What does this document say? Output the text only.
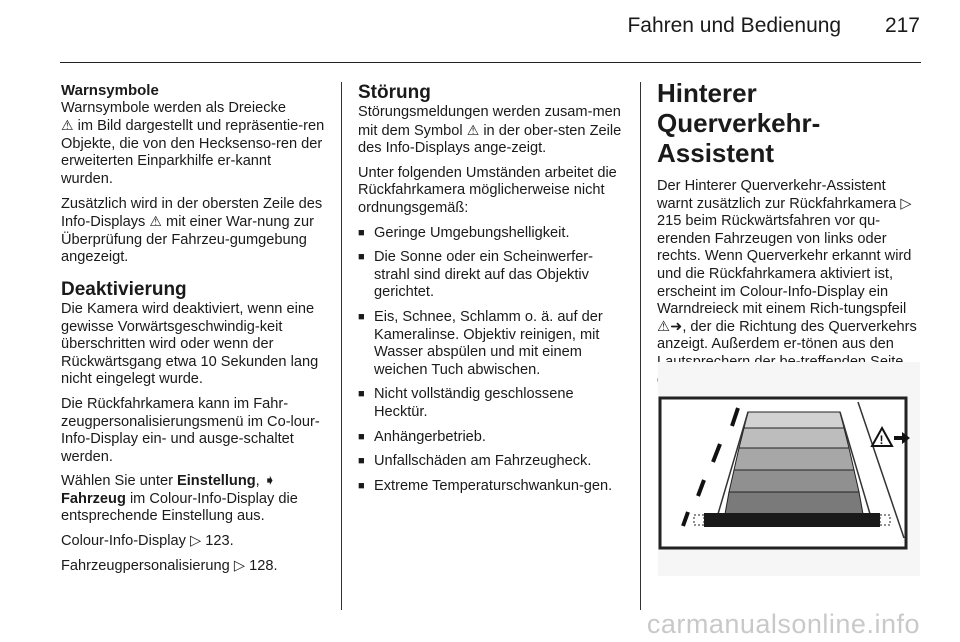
Fahren und Bedienung 217
Warnsymbole

Warnsymbole werden als Dreiecke
⚠ im Bild dargestellt und repräsentie-ren Objekte, die von den Hecksenso-ren der erweiterten Einparkhilfe er-kannt wurden.

Zusätzlich wird in der obersten Zeile des Info-Displays ⚠ mit einer War-nung zur Überprüfung der Fahrzeu-gumgebung angezeigt.

Deaktivierung

Die Kamera wird deaktiviert, wenn eine gewisse Vorwärtsgeschwindig-keit überschritten wird oder wenn der Rückwärtsgang etwa 10 Sekunden lang nicht eingelegt wurde.

Die Rückfahrkamera kann im Fahr-zeugpersonalisierungsmenü im Co-lour-Info-Display ein- und ausge-schaltet werden.

Wählen Sie unter Einstellung, ➧ Fahrzeug im Colour-Info-Display die entsprechende Einstellung aus.

Colour-Info-Display ▷ 123.

Fahrzeugpersonalisierung ▷ 128.

Störung

Störungsmeldungen werden zusam-men mit dem Symbol ⚠ in der ober-sten Zeile des Info-Displays ange-zeigt.

Unter folgenden Umständen arbeitet die Rückfahrkamera möglicherweise nicht ordnungsgemäß:

■ Geringe Umgebungshelligkeit.
■ Die Sonne oder ein Scheinwerfer-strahl sind direkt auf das Objektiv gerichtet.
■ Eis, Schnee, Schlamm o. ä. auf der Kameralinse. Objektiv reinigen, mit Wasser abspülen und mit einem weichen Tuch abwischen.
■ Nicht vollständig geschlossene Hecktür.
■ Anhängerbetrieb.
■ Unfallschäden am Fahrzeugheck.
■ Extreme Temperaturschwankun-gen.
Hinterer Querverkehr-Assistent

Der Hinterer Querverkehr-Assistent warnt zusätzlich zur Rückfahrkamera ▷ 215 beim Rückwärtsfahren vor qu-erenden Fahrzeugen von links oder rechts. Wenn Querverkehr erkannt wird und die Rückfahrkamera aktiviert ist, erscheint im Colour-Info-Display ein Warndreieck mit einem Rich-tungspfeil ⚠➜, der die Richtung des Querverkehrs anzeigt. Außerdem er-tönen aus den

!
carmanualsonline.info
